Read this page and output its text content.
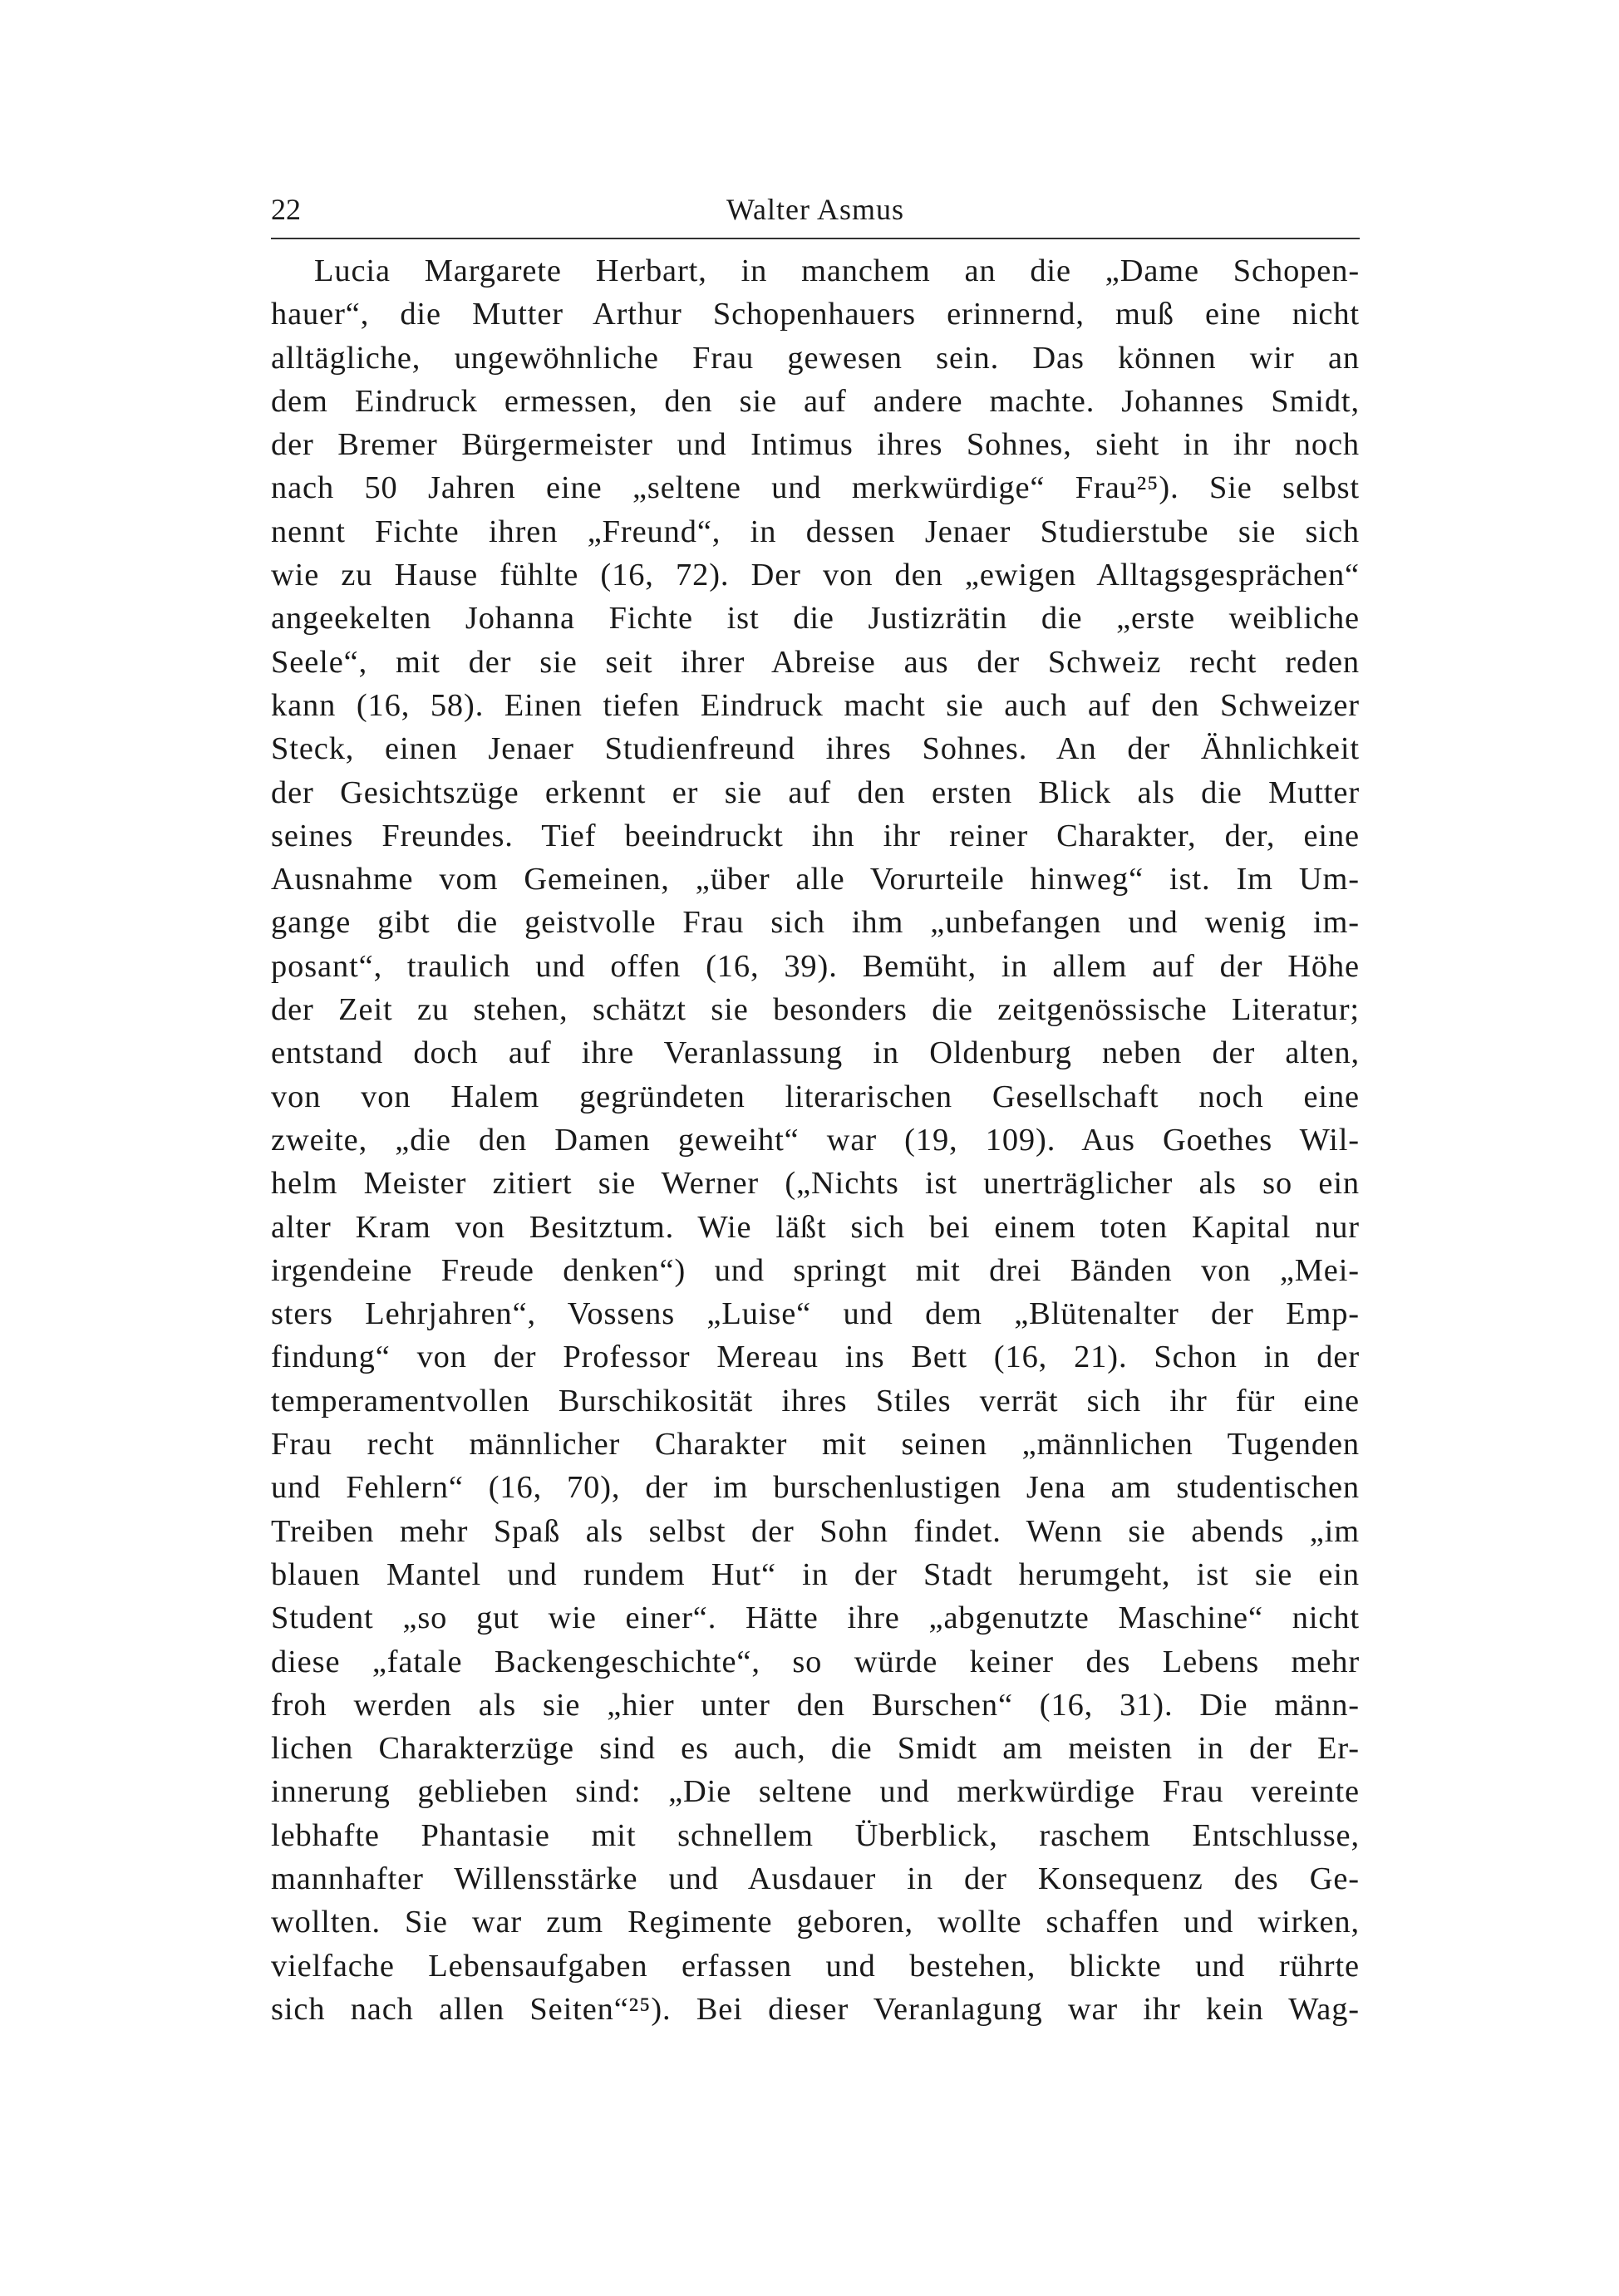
22	Walter Asmus
Lucia Margarete Herbart, in manchem an die „Dame Schopen-
hauer“, die Mutter Arthur Schopenhauers erinnernd, muß eine nicht
alltägliche, ungewöhnliche Frau gewesen sein. Das können wir an
dem Eindruck ermessen, den sie auf andere machte. Johannes Smidt,
der Bremer Bürgermeister und Intimus ihres Sohnes, sieht in ihr noch
nach 50 Jahren eine „seltene und merkwürdige“ Frau²⁵). Sie selbst
nennt Fichte ihren „Freund“, in dessen Jenaer Studierstube sie sich
wie zu Hause fühlte (16, 72). Der von den „ewigen Alltagsgesprächen“
angeekelten Johanna Fichte ist die Justizrätin die „erste weibliche
Seele“, mit der sie seit ihrer Abreise aus der Schweiz recht reden
kann (16, 58). Einen tiefen Eindruck macht sie auch auf den Schweizer
Steck, einen Jenaer Studienfreund ihres Sohnes. An der Ähnlichkeit
der Gesichtszüge erkennt er sie auf den ersten Blick als die Mutter
seines Freundes. Tief beeindruckt ihn ihr reiner Charakter, der, eine
Ausnahme vom Gemeinen, „über alle Vorurteile hinweg“ ist. Im Um-
gange gibt die geistvolle Frau sich ihm „unbefangen und wenig im-
posant“, traulich und offen (16, 39). Bemüht, in allem auf der Höhe
der Zeit zu stehen, schätzt sie besonders die zeitgenössische Literatur;
entstand doch auf ihre Veranlassung in Oldenburg neben der alten,
von von Halem gegründeten literarischen Gesellschaft noch eine
zweite, „die den Damen geweiht“ war (19, 109). Aus Goethes Wil-
helm Meister zitiert sie Werner („Nichts ist unerträglicher als so ein
alter Kram von Besitztum. Wie läßt sich bei einem toten Kapital nur
irgendeine Freude denken“) und springt mit drei Bänden von „Mei-
sters Lehrjahren“, Vossens „Luise“ und dem „Blütenalter der Emp-
findung“ von der Professor Mereau ins Bett (16, 21). Schon in der
temperamentvollen Burschikosität ihres Stiles verrät sich ihr für eine
Frau recht männlicher Charakter mit seinen „männlichen Tugenden
und Fehlern“ (16, 70), der im burschenlustigen Jena am studentischen
Treiben mehr Spaß als selbst der Sohn findet. Wenn sie abends „im
blauen Mantel und rundem Hut“ in der Stadt herumgeht, ist sie ein
Student „so gut wie einer“. Hätte ihre „abgenutzte Maschine“ nicht
diese „fatale Backengeschichte“, so würde keiner des Lebens mehr
froh werden als sie „hier unter den Burschen“ (16, 31). Die männ-
lichen Charakterzüge sind es auch, die Smidt am meisten in der Er-
innerung geblieben sind: „Die seltene und merkwürdige Frau vereinte
lebhafte Phantasie mit schnellem Überblick, raschem Entschlusse,
mannhafter Willensstärke und Ausdauer in der Konsequenz des Ge-
wollten. Sie war zum Regimente geboren, wollte schaffen und wirken,
vielfache Lebensaufgaben erfassen und bestehen, blickte und rührte
sich nach allen Seiten“²⁵). Bei dieser Veranlagung war ihr kein Wag-
